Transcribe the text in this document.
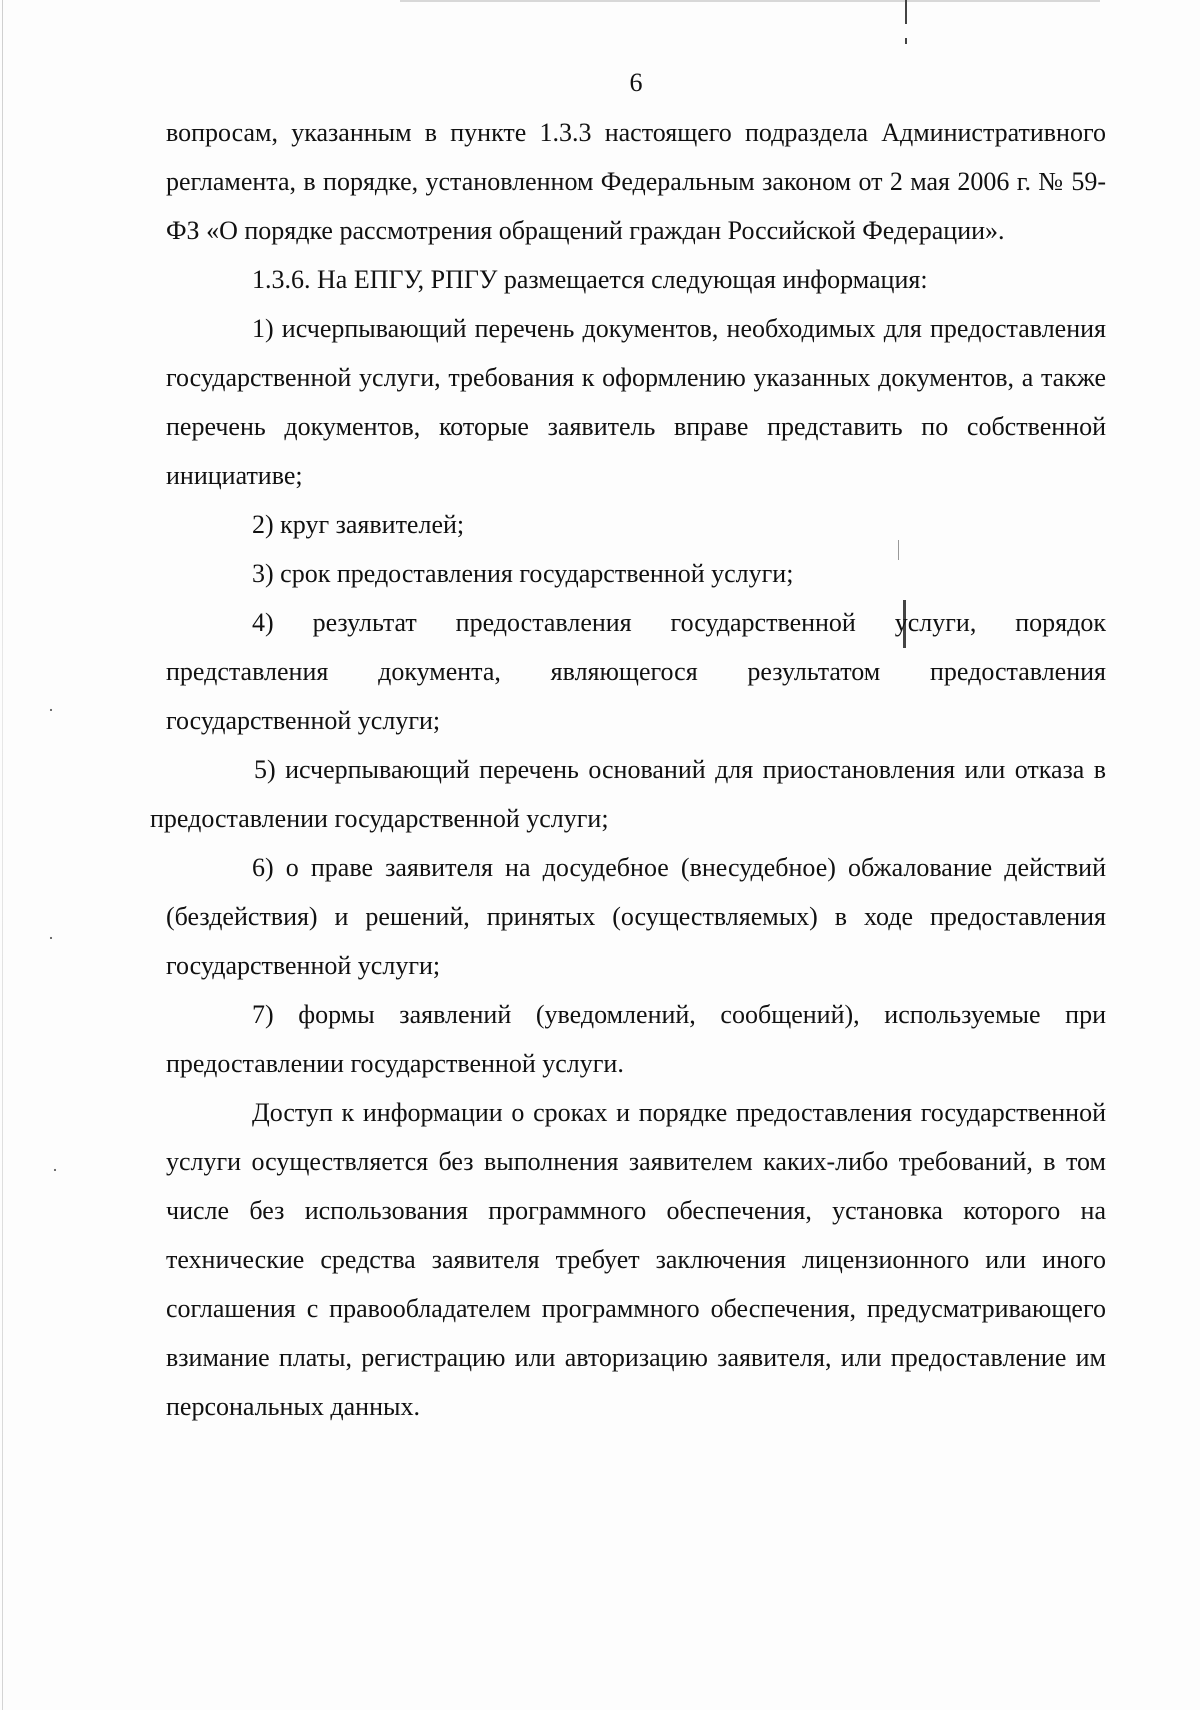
·
·
·
6

вопросам, указанным в пункте 1.3.3 настоящего подраздела Административного регламента, в порядке, установленном Федеральным законом от 2 мая 2006 г. № 59-ФЗ «О порядке рассмотрения обращений граждан Российской Федерации».

1.3.6. На ЕПГУ, РПГУ размещается следующая информация:

1) исчерпывающий перечень документов, необходимых для предоставления государственной услуги, требования к оформлению указанных документов, а также перечень документов, которые заявитель вправе представить по собственной инициативе;

2) круг заявителей;

3) срок предоставления государственной услуги;

4) результат предоставления государственной услуги, порядок представления документа, являющегося результатом предоставления государственной услуги;

5) исчерпывающий перечень оснований для приостановления или отказа в предоставлении государственной услуги;

6) о праве заявителя на досудебное (внесудебное) обжалование действий (бездействия) и решений, принятых (осуществляемых) в ходе предоставления государственной услуги;

7) формы заявлений (уведомлений, сообщений), используемые при предоставлении государственной услуги.

Доступ к информации о сроках и порядке предоставления государственной услуги осуществляется без выполнения заявителем каких-либо требований, в том числе без использования программного обеспечения, установка которого на технические средства заявителя требует заключения лицензионного или иного соглашения с правообладателем программного обеспечения, предусматривающего взимание платы, регистрацию или авторизацию заявителя, или предоставление им персональных данных.
